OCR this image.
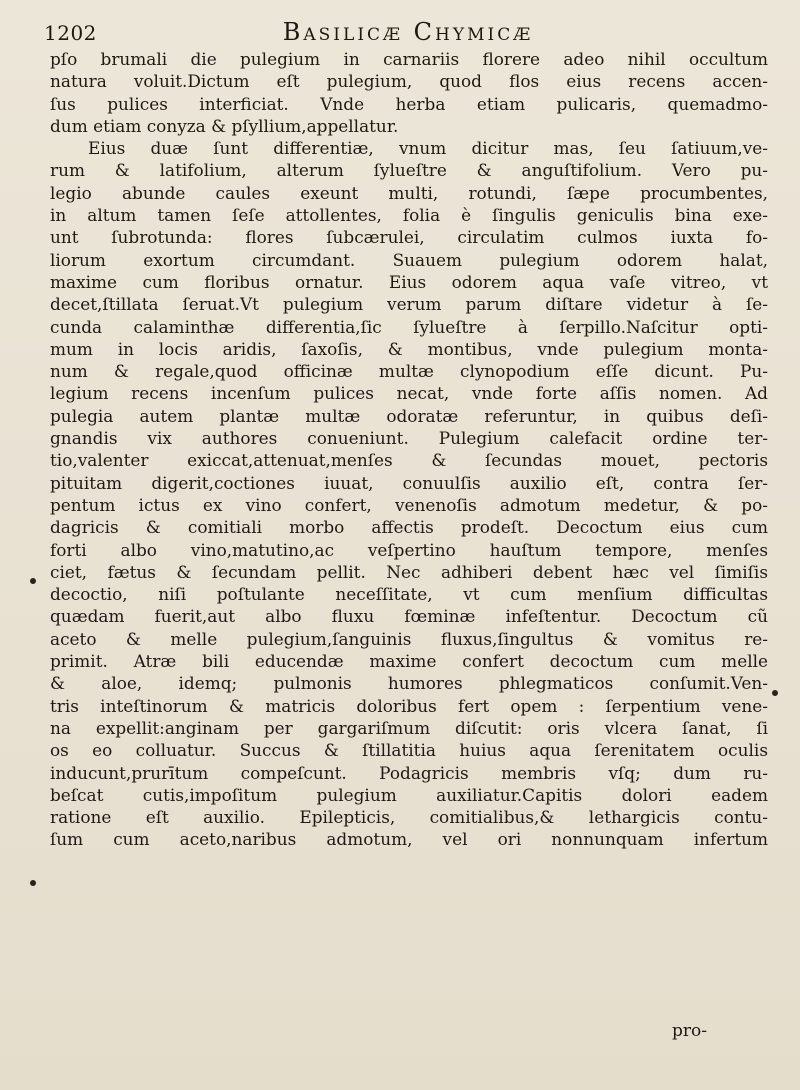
1202	Basilicæ Chymicæ
pſo brumali die pulegium in carnariis florere adeo nihil occultum
natura voluit.Dictum eſt pulegium, quod flos eius recens accen-
ſus pulices interficiat. Vnde herba etiam pulicaris, quemadmo-
dum etiam conyza & pſyllium,appellatur.
Eius duæ ſunt differentiæ, vnum dicitur mas, ſeu ſatiuum,ve-
rum & latifolium, alterum ſylueſtre & anguſtifolium. Vero pu-
legio abunde caules exeunt multi, rotundi, ſæpe procumbentes,
in altum tamen ſeſe attollentes, folia è ſingulis geniculis bina exe-
unt ſubrotunda: flores ſubcærulei, circulatim culmos iuxta fo-
liorum exortum circumdant. Suauem pulegium odorem halat,
maxime cum floribus ornatur. Eius odorem aqua vaſe vitreo, vt
decet,ſtillata ſeruat.Vt pulegium verum parum diſtare videtur à ſe-
cunda calaminthæ differentia,ſic ſylueſtre à ſerpillo.Naſcitur opti-
mum in locis aridis, ſaxoſis, & montibus, vnde pulegium monta-
num & regale,quod officinæ multæ clynopodium eſſe dicunt. Pu-
legium recens incenſum pulices necat, vnde forte aſſis nomen. Ad
pulegia autem plantæ multæ odoratæ referuntur, in quibus deſi-
gnandis vix authores conueniunt. Pulegium calefacit ordine ter-
tio,valenter exiccat,attenuat,menſes & ſecundas mouet, pectoris
pituitam digerit,coctiones iuuat, conuulſis auxilio eſt, contra ſer-
pentum ictus ex vino confert, venenoſis admotum medetur, & po-
dagricis & comitiali morbo affectis prodeſt. Decoctum eius cum
forti albo vino,matutino,ac veſpertino hauſtum tempore, menſes
ciet, fætus & ſecundam pellit. Nec adhiberi debent hæc vel ſimiſis
decoctio, niſi poſtulante neceſſitate, vt cum menſium difficultas
quædam fuerit,aut albo fluxu fœminæ infeſtentur. Decoctum cũ
aceto & melle pulegium,ſanguinis fluxus,ſingultus & vomitus re-
primit. Atræ bili educendæ maxime confert decoctum cum melle
& aloe, idemq; pulmonis humores phlegmaticos conſumit.Ven-
tris inteſtinorum & matricis doloribus fert opem : ſerpentium vene-
na expellit:anginam per gargariſmum diſcutit: oris vlcera ſanat, ſi
os eo colluatur. Succus & ſtillatitia huius aqua ſerenitatem oculis
inducunt,prurītum compeſcunt. Podagricis membris vſq; dum ru-
beſcat cutis,impoſitum pulegium auxiliatur.Capitis dolori eadem
ratione eſt auxilio. Epilepticis, comitialibus,& lethargicis contu-
ſum cum aceto,naribus admotum, vel ori nonnunquam infertum
pro-
